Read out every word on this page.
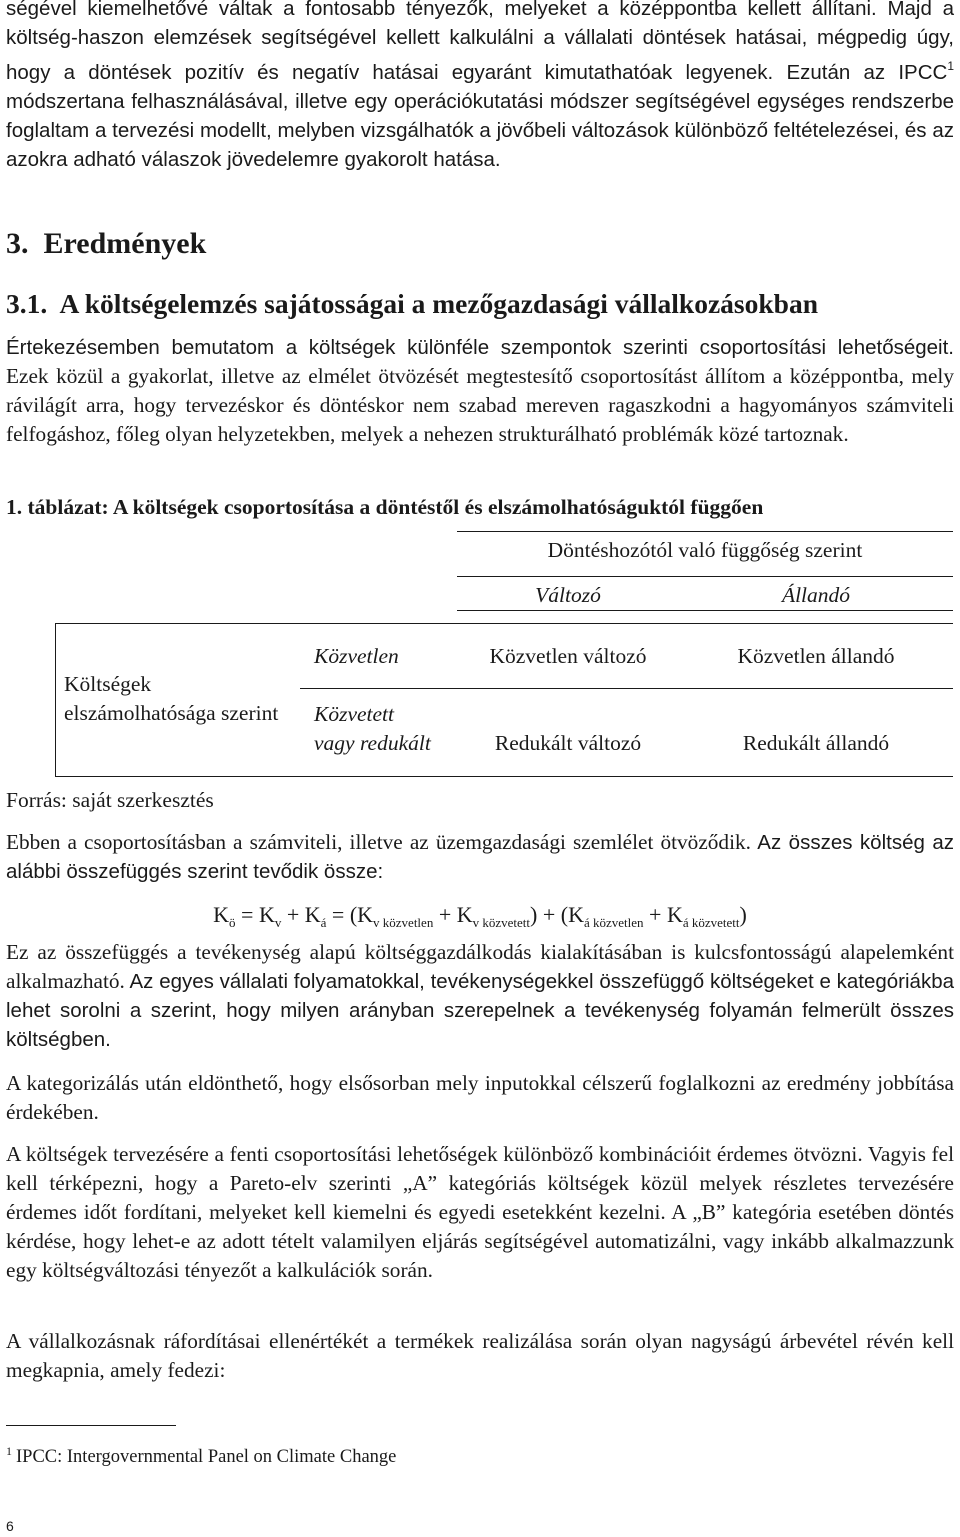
ségével kiemelhetővé váltak a fontosabb tényezők, melyeket a középpontba kellett állítani. Majd a költség-haszon elemzések segítségével kellett kalkulálni a vállalati döntések hatásai, mégpedig úgy, hogy a döntések pozitív és negatív hatásai egyaránt kimutathatóak legyenek. Ezután az IPCC$^1$ módszertana felhasználásával, illetve egy operációkutatási módszer segítségével egységes rendszerbe foglaltam a tervezési modellt, melyben vizsgálhatók a jövőbeli változások különböző feltételezései, és az azokra adható válaszok jövedelemre gyakorolt hatása.

3.  Eredmények
3.1.  A költségelemzés sajátosságai a mezőgazdasági vállalkozásokban

Értekezésemben bemutatom a költségek különféle szempontok szerinti csoportosítási lehetőségeit. Ezek közül a gyakorlat, illetve az elmélet ötvözését megtestesítő csoportosítást állítom a középpontba, mely rávilágít arra, hogy tervezéskor és döntéskor nem szabad mereven ragaszkodni a hagyományos számviteli felfogáshoz, főleg olyan helyzetekben, melyek a nehezen strukturálható problémák közé tartoznak.

1. táblázat: A költségek csoportosítása a döntéstől és elszámolhatóságuktól függően

Döntéshozótól való függőség szerint
Változó	Állandó
Költségek elszámolhatósága szerint
Közvetlen	Közvetlen változó	Közvetlen állandó
Közvetett vagy redukált	Redukált változó	Redukált állandó
Forrás: saját szerkesztés

Ebben a csoportosításban a számviteli, illetve az üzemgazdasági szemlélet ötvöződik. Az összes költség az alábbi összefüggés szerint tevődik össze:

$K_ö = K_v + K_á = (K_{v közvetlen} + K_{v közvetett}) + (K_{á közvetlen} + K_{á közvetett})$

Ez az összefüggés a tevékenység alapú költséggazdálkodás kialakításában is kulcsfontosságú alapelemként alkalmazható. Az egyes vállalati folyamatokkal, tevékenységekkel összefüggő költségeket e kategóriákba lehet sorolni a szerint, hogy milyen arányban szerepelnek a tevékenység folyamán felmerült összes költségben.

A kategorizálás után eldönthető, hogy elsősorban mely inputokkal célszerű foglalkozni az eredmény jobbítása érdekében.

A költségek tervezésére a fenti csoportosítási lehetőségek különböző kombinációit érdemes ötvözni. Vagyis fel kell térképezni, hogy a Pareto-elv szerinti „A” kategóriás költségek közül melyek részletes tervezésére érdemes időt fordítani, melyeket kell kiemelni és egyedi esetekként kezelni. A „B” kategória esetében döntés kérdése, hogy lehet-e az adott tételt valamilyen eljárás segítségével automatizálni, vagy inkább alkalmazzunk egy költségváltozási tényezőt a kalkulációk során.

A vállalkozásnak ráfordításai ellenértékét a termékek realizálása során olyan nagyságú árbevétel révén kell megkapnia, amely fedezi:

$^1$ IPCC: Intergovernmental Panel on Climate Change
6
